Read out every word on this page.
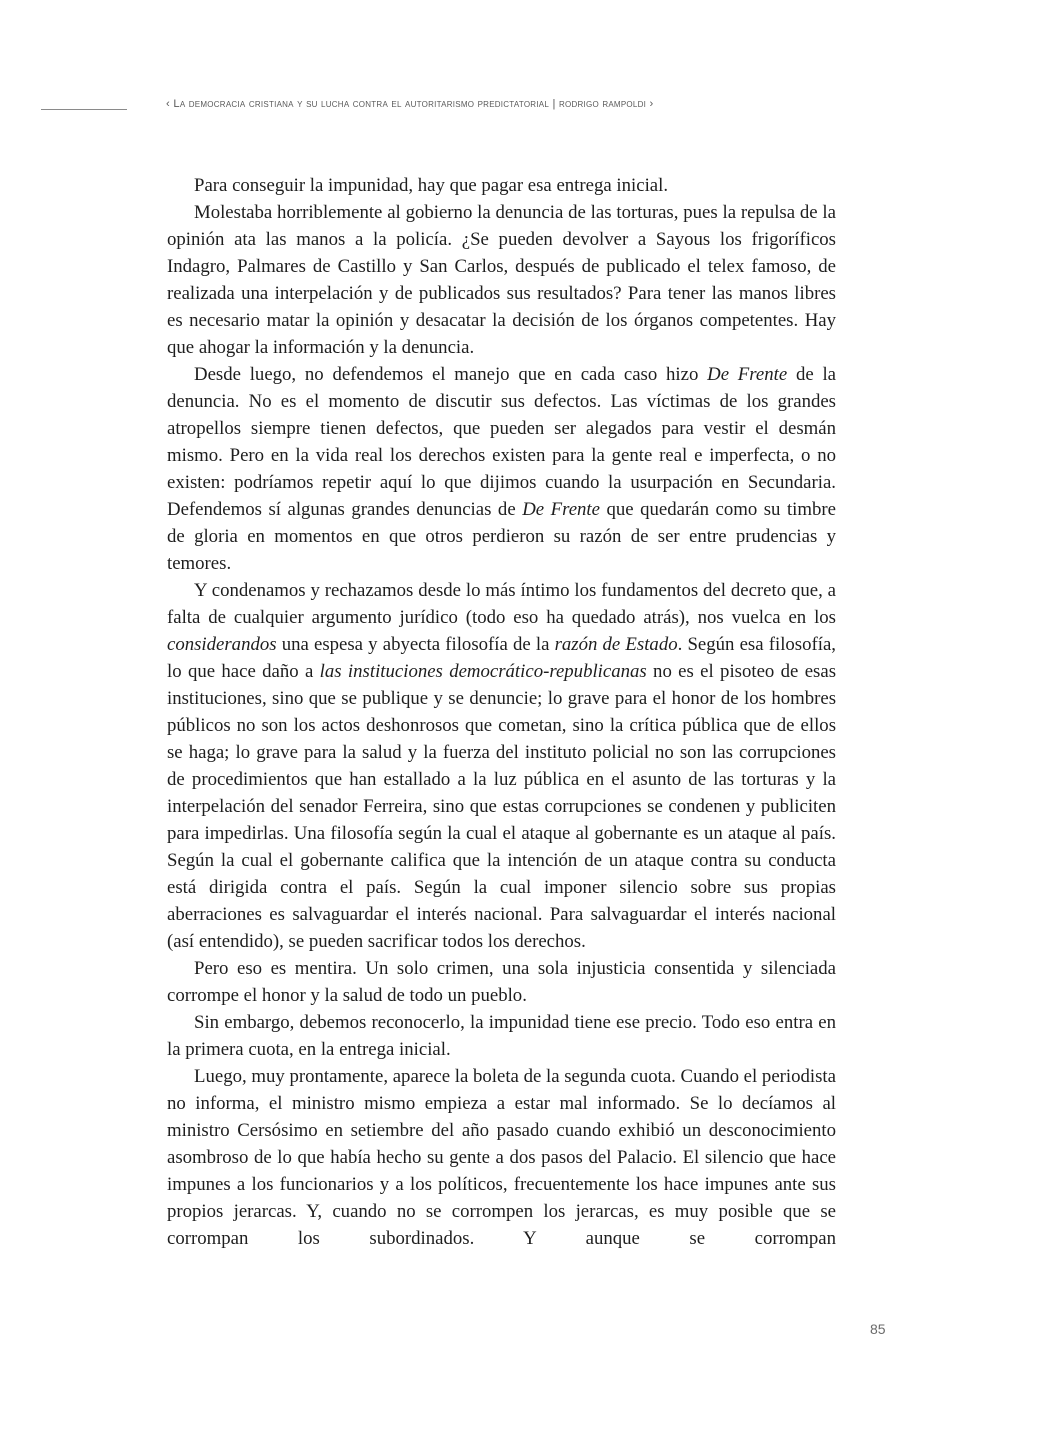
‹ La democracia cristiana y su lucha contra el autoritarismo predictatorial | rodrigo rampoldi ›

Para conseguir la impunidad, hay que pagar esa entrega inicial.

Molestaba horriblemente al gobierno la denuncia de las torturas, pues la repulsa de la opinión ata las manos a la policía. ¿Se pueden devolver a Sayous los frigoríficos Indagro, Palmares de Castillo y San Carlos, después de publicado el telex famoso, de realizada una interpelación y de publicados sus resultados? Para tener las manos libres es necesario matar la opinión y desacatar la decisión de los órganos competentes. Hay que ahogar la información y la denuncia.

Desde luego, no defendemos el manejo que en cada caso hizo De Frente de la denuncia. No es el momento de discutir sus defectos. Las víctimas de los grandes atropellos siempre tienen defectos, que pueden ser alegados para vestir el desmán mismo. Pero en la vida real los derechos existen para la gente real e imperfecta, o no existen: podríamos repetir aquí lo que dijimos cuando la usurpación en Secundaria. Defendemos sí algunas grandes denuncias de De Frente que quedarán como su timbre de gloria en momentos en que otros perdieron su razón de ser entre prudencias y temores.

Y condenamos y rechazamos desde lo más íntimo los fundamentos del decreto que, a falta de cualquier argumento jurídico (todo eso ha quedado atrás), nos vuelca en los considerandos una espesa y abyecta filosofía de la razón de Estado. Según esa filosofía, lo que hace daño a las instituciones democrático-republicanas no es el pisoteo de esas instituciones, sino que se publique y se denuncie; lo grave para el honor de los hombres públicos no son los actos deshonrosos que cometan, sino la crítica pública que de ellos se haga; lo grave para la salud y la fuerza del instituto policial no son las corrupciones de procedimientos que han estallado a la luz pública en el asunto de las torturas y la interpelación del senador Ferreira, sino que estas corrupciones se condenen y publiciten para impedirlas. Una filosofía según la cual el ataque al gobernante es un ataque al país. Según la cual el gobernante califica que la intención de un ataque contra su conducta está dirigida contra el país. Según la cual imponer silencio sobre sus propias aberraciones es salvaguardar el interés nacional. Para salvaguardar el interés nacional (así entendido), se pueden sacrificar todos los derechos.

Pero eso es mentira. Un solo crimen, una sola injusticia consentida y silenciada corrompe el honor y la salud de todo un pueblo.

Sin embargo, debemos reconocerlo, la impunidad tiene ese precio. Todo eso entra en la primera cuota, en la entrega inicial.

Luego, muy prontamente, aparece la boleta de la segunda cuota. Cuando el periodista no informa, el ministro mismo empieza a estar mal informado. Se lo decíamos al ministro Cersósimo en setiembre del año pasado cuando exhibió un desconocimiento asombroso de lo que había hecho su gente a dos pasos del Palacio. El silencio que hace impunes a los funcionarios y a los políticos, frecuentemente los hace impunes ante sus propios jerarcas. Y, cuando no se corrompen los jerarcas, es muy posible que se corrompan los subordinados. Y aunque se corrompan

85
